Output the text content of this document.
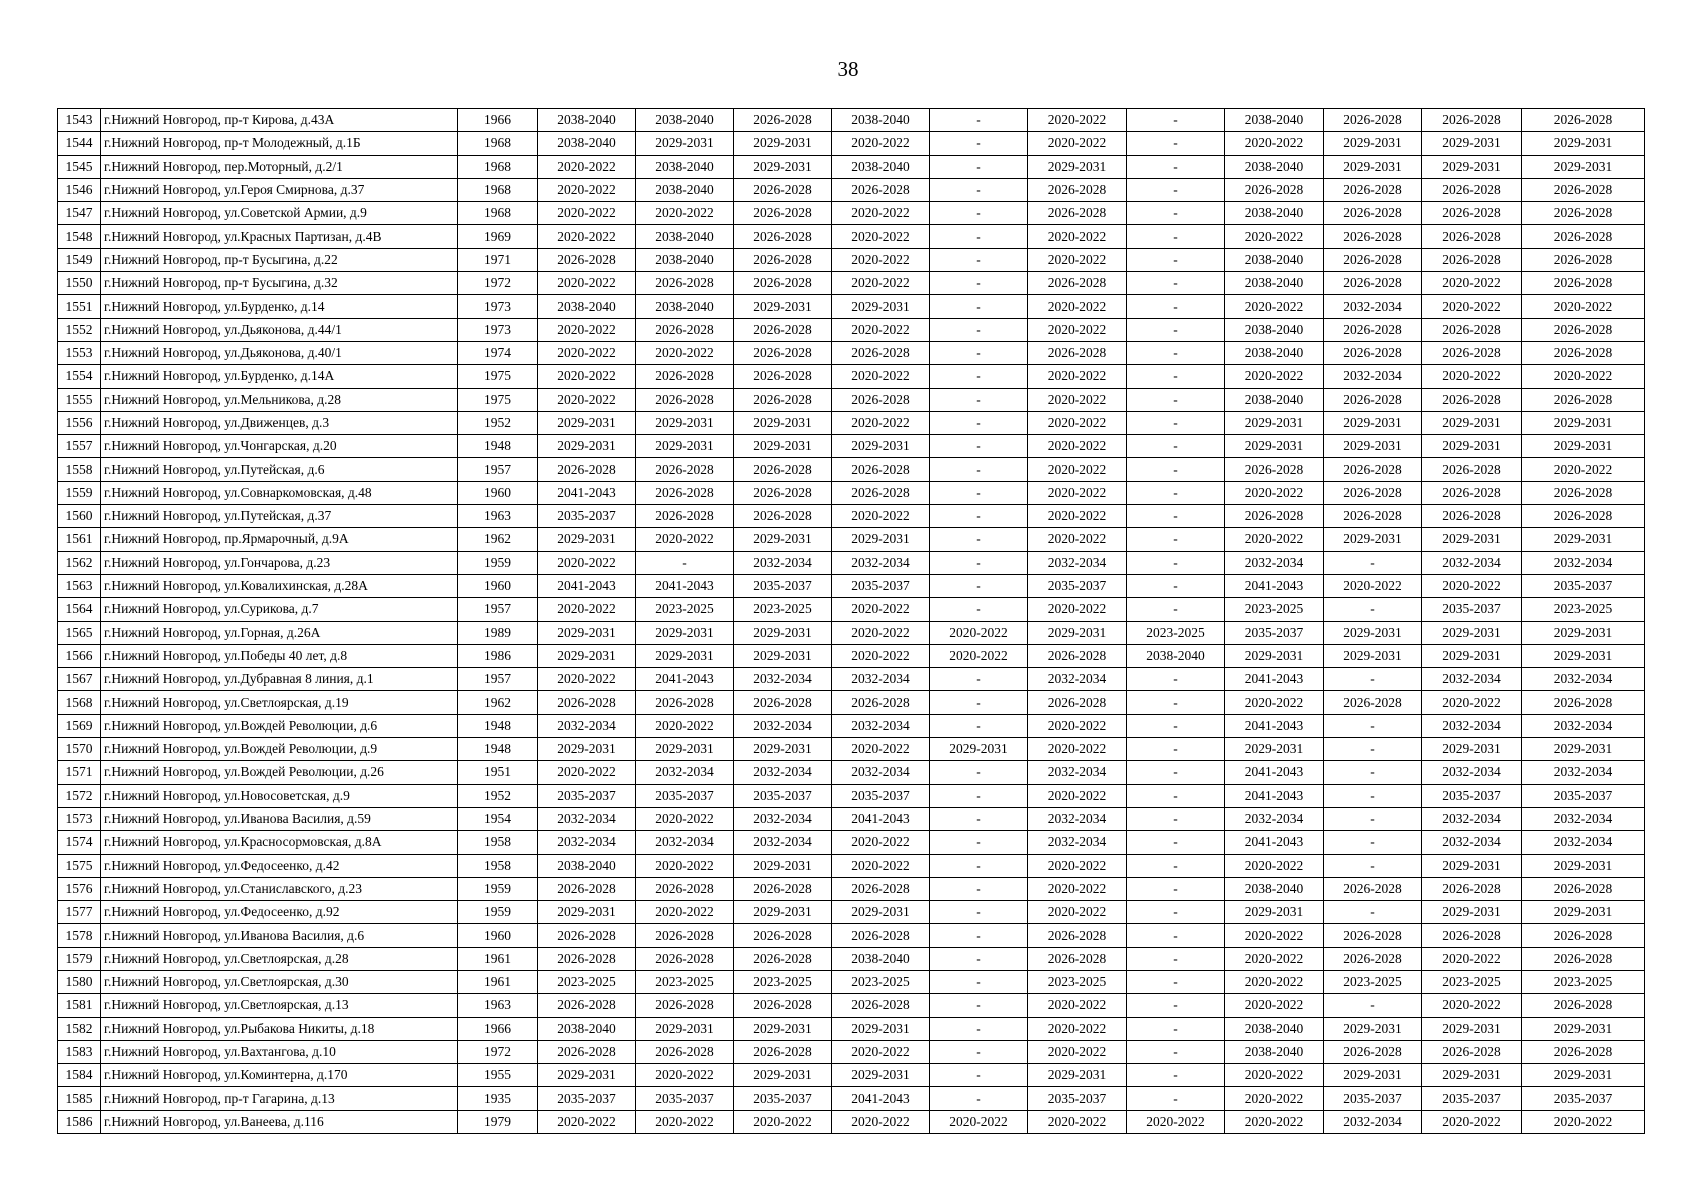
38
1543	г.Нижний Новгород, пр-т Кирова, д.43А	1966	2038-2040	2038-2040	2026-2028	2038-2040	-	2020-2022	-	2038-2040	2026-2028	2026-2028	2026-2028
1544	г.Нижний Новгород, пр-т Молодежный, д.1Б	1968	2038-2040	2029-2031	2029-2031	2020-2022	-	2020-2022	-	2020-2022	2029-2031	2029-2031	2029-2031
1545	г.Нижний Новгород, пер.Моторный, д.2/1	1968	2020-2022	2038-2040	2029-2031	2038-2040	-	2029-2031	-	2038-2040	2029-2031	2029-2031	2029-2031
1546	г.Нижний Новгород, ул.Героя Смирнова, д.37	1968	2020-2022	2038-2040	2026-2028	2026-2028	-	2026-2028	-	2026-2028	2026-2028	2026-2028	2026-2028
1547	г.Нижний Новгород, ул.Советской Армии, д.9	1968	2020-2022	2020-2022	2026-2028	2020-2022	-	2026-2028	-	2038-2040	2026-2028	2026-2028	2026-2028
1548	г.Нижний Новгород, ул.Красных Партизан, д.4В	1969	2020-2022	2038-2040	2026-2028	2020-2022	-	2020-2022	-	2020-2022	2026-2028	2026-2028	2026-2028
1549	г.Нижний Новгород, пр-т Бусыгина, д.22	1971	2026-2028	2038-2040	2026-2028	2020-2022	-	2020-2022	-	2038-2040	2026-2028	2026-2028	2026-2028
1550	г.Нижний Новгород, пр-т Бусыгина, д.32	1972	2020-2022	2026-2028	2026-2028	2020-2022	-	2026-2028	-	2038-2040	2026-2028	2020-2022	2026-2028
1551	г.Нижний Новгород, ул.Бурденко, д.14	1973	2038-2040	2038-2040	2029-2031	2029-2031	-	2020-2022	-	2020-2022	2032-2034	2020-2022	2020-2022
1552	г.Нижний Новгород, ул.Дьяконова, д.44/1	1973	2020-2022	2026-2028	2026-2028	2020-2022	-	2020-2022	-	2038-2040	2026-2028	2026-2028	2026-2028
1553	г.Нижний Новгород, ул.Дьяконова, д.40/1	1974	2020-2022	2020-2022	2026-2028	2026-2028	-	2026-2028	-	2038-2040	2026-2028	2026-2028	2026-2028
1554	г.Нижний Новгород, ул.Бурденко, д.14А	1975	2020-2022	2026-2028	2026-2028	2020-2022	-	2020-2022	-	2020-2022	2032-2034	2020-2022	2020-2022
1555	г.Нижний Новгород, ул.Мельникова, д.28	1975	2020-2022	2026-2028	2026-2028	2026-2028	-	2020-2022	-	2038-2040	2026-2028	2026-2028	2026-2028
1556	г.Нижний Новгород, ул.Движенцев, д.3	1952	2029-2031	2029-2031	2029-2031	2020-2022	-	2020-2022	-	2029-2031	2029-2031	2029-2031	2029-2031
1557	г.Нижний Новгород, ул.Чонгарская, д.20	1948	2029-2031	2029-2031	2029-2031	2029-2031	-	2020-2022	-	2029-2031	2029-2031	2029-2031	2029-2031
1558	г.Нижний Новгород, ул.Путейская, д.6	1957	2026-2028	2026-2028	2026-2028	2026-2028	-	2020-2022	-	2026-2028	2026-2028	2026-2028	2020-2022
1559	г.Нижний Новгород, ул.Совнаркомовская, д.48	1960	2041-2043	2026-2028	2026-2028	2026-2028	-	2020-2022	-	2020-2022	2026-2028	2026-2028	2026-2028
1560	г.Нижний Новгород, ул.Путейская, д.37	1963	2035-2037	2026-2028	2026-2028	2020-2022	-	2020-2022	-	2026-2028	2026-2028	2026-2028	2026-2028
1561	г.Нижний Новгород, пр.Ярмарочный, д.9А	1962	2029-2031	2020-2022	2029-2031	2029-2031	-	2020-2022	-	2020-2022	2029-2031	2029-2031	2029-2031
1562	г.Нижний Новгород, ул.Гончарова, д.23	1959	2020-2022	-	2032-2034	2032-2034	-	2032-2034	-	2032-2034	-	2032-2034	2032-2034
1563	г.Нижний Новгород, ул.Ковалихинская, д.28А	1960	2041-2043	2041-2043	2035-2037	2035-2037	-	2035-2037	-	2041-2043	2020-2022	2020-2022	2035-2037
1564	г.Нижний Новгород, ул.Сурикова, д.7	1957	2020-2022	2023-2025	2023-2025	2020-2022	-	2020-2022	-	2023-2025	-	2035-2037	2023-2025
1565	г.Нижний Новгород, ул.Горная, д.26А	1989	2029-2031	2029-2031	2029-2031	2020-2022	2020-2022	2029-2031	2023-2025	2035-2037	2029-2031	2029-2031	2029-2031
1566	г.Нижний Новгород, ул.Победы 40 лет, д.8	1986	2029-2031	2029-2031	2029-2031	2020-2022	2020-2022	2026-2028	2038-2040	2029-2031	2029-2031	2029-2031	2029-2031
1567	г.Нижний Новгород, ул.Дубравная 8 линия, д.1	1957	2020-2022	2041-2043	2032-2034	2032-2034	-	2032-2034	-	2041-2043	-	2032-2034	2032-2034
1568	г.Нижний Новгород, ул.Светлоярская, д.19	1962	2026-2028	2026-2028	2026-2028	2026-2028	-	2026-2028	-	2020-2022	2026-2028	2020-2022	2026-2028
1569	г.Нижний Новгород, ул.Вождей Революции, д.6	1948	2032-2034	2020-2022	2032-2034	2032-2034	-	2020-2022	-	2041-2043	-	2032-2034	2032-2034
1570	г.Нижний Новгород, ул.Вождей Революции, д.9	1948	2029-2031	2029-2031	2029-2031	2020-2022	2029-2031	2020-2022	-	2029-2031	-	2029-2031	2029-2031
1571	г.Нижний Новгород, ул.Вождей Революции, д.26	1951	2020-2022	2032-2034	2032-2034	2032-2034	-	2032-2034	-	2041-2043	-	2032-2034	2032-2034
1572	г.Нижний Новгород, ул.Новосоветская, д.9	1952	2035-2037	2035-2037	2035-2037	2035-2037	-	2020-2022	-	2041-2043	-	2035-2037	2035-2037
1573	г.Нижний Новгород, ул.Иванова Василия, д.59	1954	2032-2034	2020-2022	2032-2034	2041-2043	-	2032-2034	-	2032-2034	-	2032-2034	2032-2034
1574	г.Нижний Новгород, ул.Красносормовская, д.8А	1958	2032-2034	2032-2034	2032-2034	2020-2022	-	2032-2034	-	2041-2043	-	2032-2034	2032-2034
1575	г.Нижний Новгород, ул.Федосеенко, д.42	1958	2038-2040	2020-2022	2029-2031	2020-2022	-	2020-2022	-	2020-2022	-	2029-2031	2029-2031
1576	г.Нижний Новгород, ул.Станиславского, д.23	1959	2026-2028	2026-2028	2026-2028	2026-2028	-	2020-2022	-	2038-2040	2026-2028	2026-2028	2026-2028
1577	г.Нижний Новгород, ул.Федосеенко, д.92	1959	2029-2031	2020-2022	2029-2031	2029-2031	-	2020-2022	-	2029-2031	-	2029-2031	2029-2031
1578	г.Нижний Новгород, ул.Иванова Василия, д.6	1960	2026-2028	2026-2028	2026-2028	2026-2028	-	2026-2028	-	2020-2022	2026-2028	2026-2028	2026-2028
1579	г.Нижний Новгород, ул.Светлоярская, д.28	1961	2026-2028	2026-2028	2026-2028	2038-2040	-	2026-2028	-	2020-2022	2026-2028	2020-2022	2026-2028
1580	г.Нижний Новгород, ул.Светлоярская, д.30	1961	2023-2025	2023-2025	2023-2025	2023-2025	-	2023-2025	-	2020-2022	2023-2025	2023-2025	2023-2025
1581	г.Нижний Новгород, ул.Светлоярская, д.13	1963	2026-2028	2026-2028	2026-2028	2026-2028	-	2020-2022	-	2020-2022	-	2020-2022	2026-2028
1582	г.Нижний Новгород, ул.Рыбакова Никиты, д.18	1966	2038-2040	2029-2031	2029-2031	2029-2031	-	2020-2022	-	2038-2040	2029-2031	2029-2031	2029-2031
1583	г.Нижний Новгород, ул.Вахтангова, д.10	1972	2026-2028	2026-2028	2026-2028	2020-2022	-	2020-2022	-	2038-2040	2026-2028	2026-2028	2026-2028
1584	г.Нижний Новгород, ул.Коминтерна, д.170	1955	2029-2031	2020-2022	2029-2031	2029-2031	-	2029-2031	-	2020-2022	2029-2031	2029-2031	2029-2031
1585	г.Нижний Новгород, пр-т Гагарина, д.13	1935	2035-2037	2035-2037	2035-2037	2041-2043	-	2035-2037	-	2020-2022	2035-2037	2035-2037	2035-2037
1586	г.Нижний Новгород, ул.Ванеева, д.116	1979	2020-2022	2020-2022	2020-2022	2020-2022	2020-2022	2020-2022	2020-2022	2020-2022	2032-2034	2020-2022	2020-2022
